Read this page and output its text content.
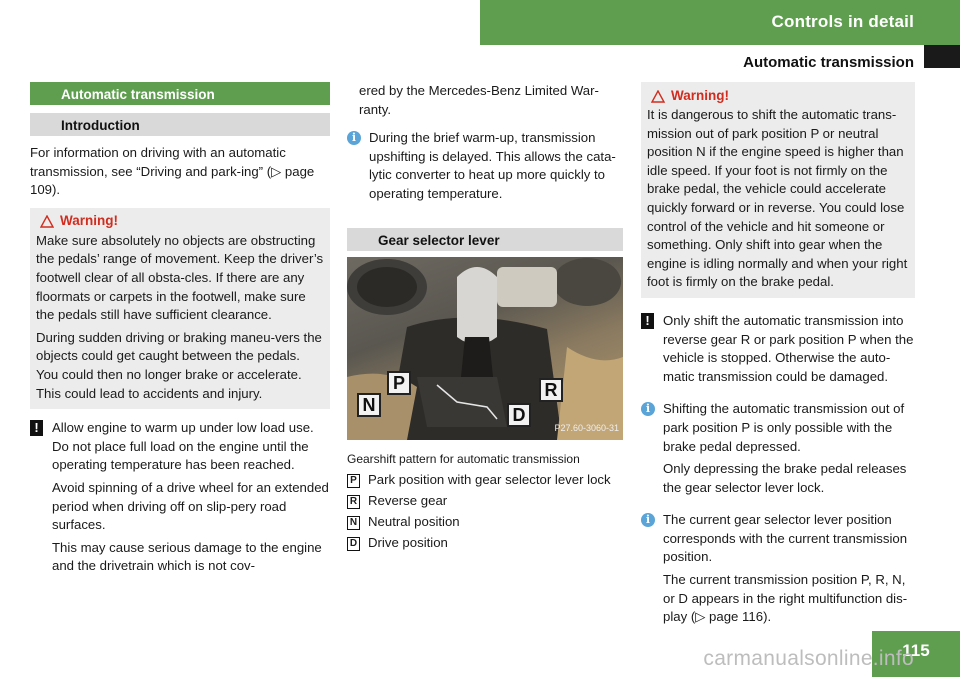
Controls in detail
Automatic transmission
Automatic transmission
Introduction

For information on driving with an automatic transmission, see “Driving and park-ing” (▷ page 109).

Warning!

Make sure absolutely no objects are obstructing the pedals’ range of movement. Keep the driver’s footwell clear of all obsta-cles. If there are any floormats or carpets in the footwell, make sure the pedals still have sufficient clearance.

During sudden driving or braking maneu-vers the objects could get caught between the pedals. You could then no longer brake or accelerate. This could lead to accidents and injury.

!	Allow engine to warm up under low load use. Do not place full load on the engine until the operating temperature has been reached.

Avoid spinning of a drive wheel for an extended period when driving off on slip-pery road surfaces.

This may cause serious damage to the engine and the drivetrain which is not cov-

ered by the Mercedes-Benz Limited War-ranty.

i During the brief warm-up, transmission upshifting is delayed. This allows the cata-lytic converter to heat up more quickly to operating temperature.

Gear selector lever
P
N
R
D
P27.60-3060-31
Gearshift pattern for automatic transmission
P Park position with gear selector lever lock
R Reverse gear
N Neutral position
D Drive position
Warning!

It is dangerous to shift the automatic trans-mission out of park position P or neutral position N if the engine speed is higher than idle speed. If your foot is not firmly on the brake pedal, the vehicle could accelerate quickly forward or in reverse. You could lose control of the vehicle and hit someone or something. Only shift into gear when the engine is idling normally and when your right foot is firmly on the brake pedal.

!	Only shift the automatic transmission into reverse gear R or park position P when the vehicle is stopped. Otherwise the auto-matic transmission could be damaged.

i Shifting the automatic transmission out of park position P is only possible with the brake pedal depressed.

Only depressing the brake pedal releases the gear selector lever lock.

i The current gear selector lever position corresponds with the current transmission position.

The current transmission position P, R, N, or D appears in the right multifunction dis-play (▷ page 116).

115
carmanualsonline.info
